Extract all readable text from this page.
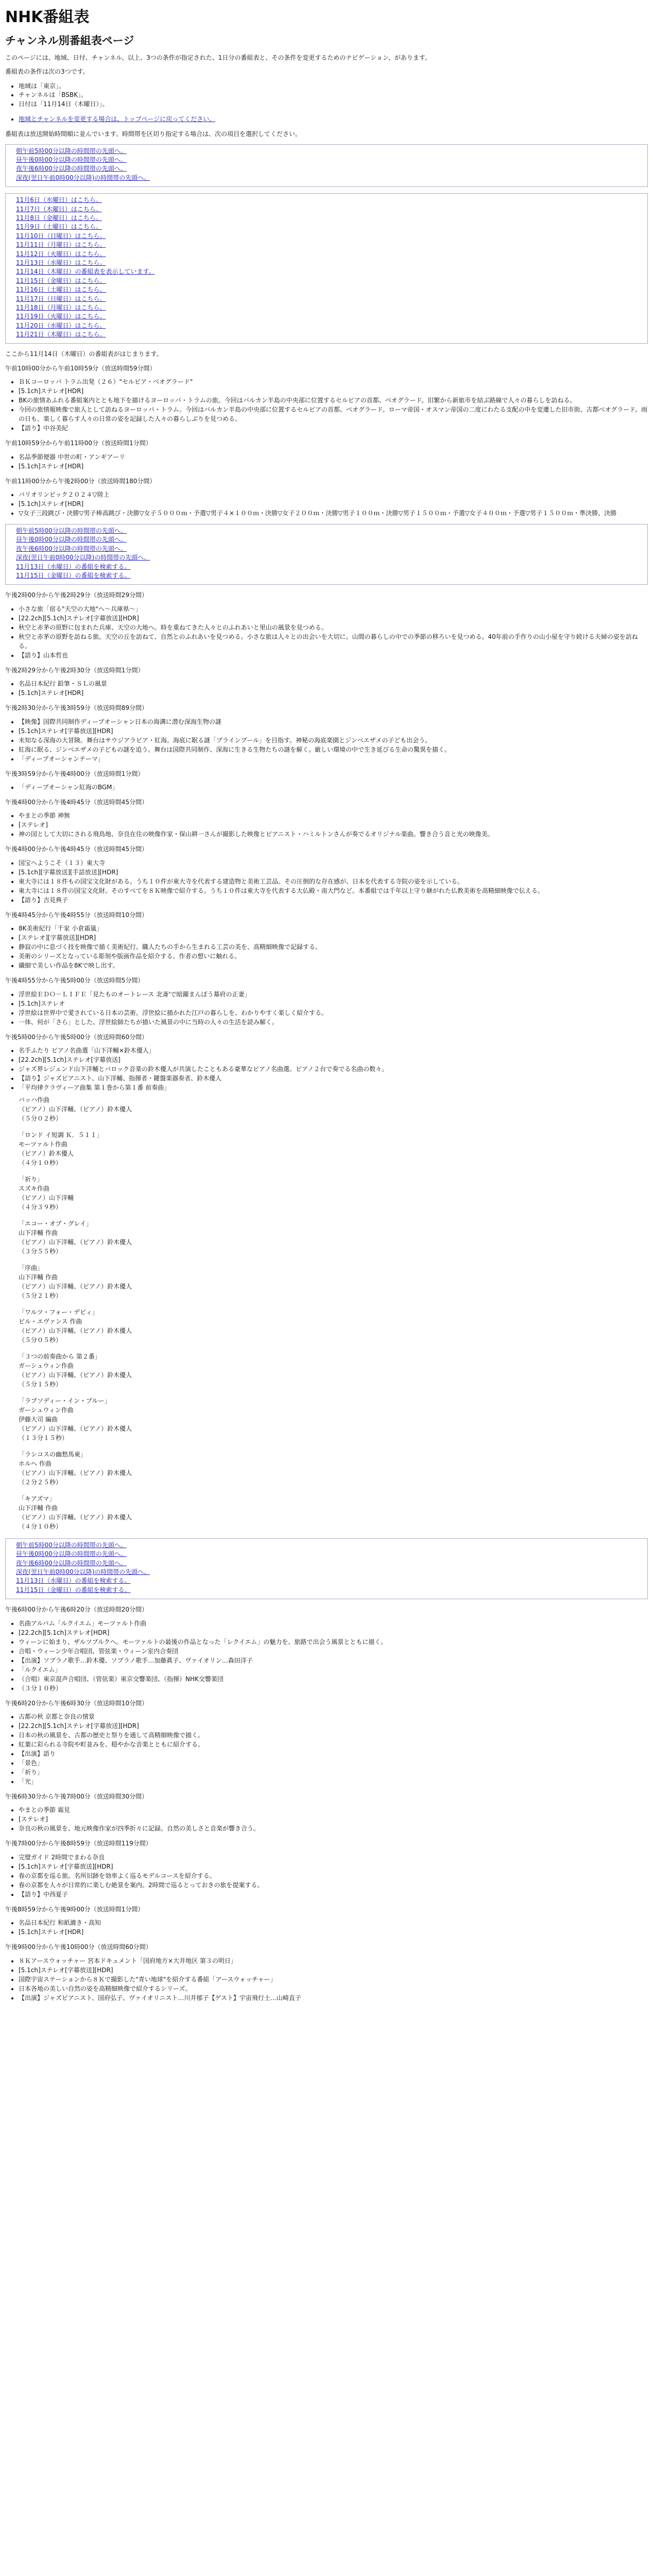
NHK番組表
チャンネル別番組表ページ

このページには、地域、日付、チャンネル、以上、3つの条件が指定された、1日分の番組表と、その条件を変更するためのナビゲーション、があります。

番組表の条件は次の3つです。

• 地域は「東京」。
• チャンネルは「BSBK」。
• 日付は「11月14日（木曜日）」。
• 地域とチャンネルを変更する場合は、トップページに戻ってください。

番組表は放送開始時間順に並んでいます。時間帯を区切り指定する場合は、次の項目を選択してください。

朝午前5時00分以降の時間帯の先頭へ。
昼午後0時00分以降の時間帯の先頭へ。
夜午後6時00分以降の時間帯の先頭へ。
深夜(翌日午前0時00分以降)の時間帯の先頭へ。
11月6日（水曜日）はこちら。
11月7日（木曜日）はこちら。
11月8日（金曜日）はこちら。
11月9日（土曜日）はこちら。
11月10日（日曜日）はこちら。
11月11日（月曜日）はこちら。
11月12日（火曜日）はこちら。
11月13日（水曜日）はこちら。
11月14日（木曜日）の番組表を表示しています。
11月15日（金曜日）はこちら。
11月16日（土曜日）はこちら。
11月17日（日曜日）はこちら。
11月18日（月曜日）はこちら。
11月19日（火曜日）はこちら。
11月20日（水曜日）はこちら。
11月21日（木曜日）はこちら。

ここから11月14日（木曜日）の番組表がはじまります。

午前10時00分から午前10時59分（放送時間59分間）

• ＢＫコーロッパ トラム出発（２６）"セルビア・ベオグラード"
• [5.1ch]ステレオ[HDR]
• BKの旅情あふれる番組案内ととも地下を描けるヨーロッパ・トラムの旅。今回はバルカン半島の中央部に位置するセルビアの首都、ベオグラード。旧繁から新旅市を結ぶ路線で人々の暮らしを訪ねる。
• 今回の旅情報映像で旅人として訪ねるヨーロッパ・トラム。今回はバルカン半島の中央部に位置するセルビアの首都、ベオグラード。ローマ帝国・オスマン帝国の二度にわたる支配の中を変遷した旧市街、古都ベオグラード。雨の日も、楽しく暮らす人々の日常の姿を記録した人々の暮らしぶりを見つめる。
• 【語り】中谷美紀

午前10時59分から午前11時00分（放送時間1分間）

• 名品季節便器 中世の町・アンギアーリ
• [5.1ch]ステレオ[HDR]

午前11時00分から午後2時00分（放送時間180分間）

• パリオリンピック２０２４▽陸上
• [5.1ch]ステレオ[HDR]
• ▽女子三段跳び・決勝▽男子棒高跳び・決勝▽女子５０００ｍ・予選▽男子４×１００ｍ・決勝▽女子２００ｍ・決勝▽男子１００ｍ・決勝▽男子１５００ｍ・予選▽女子４００ｍ・予選▽男子１５００ｍ・準決勝、決勝
朝午前5時00分以降の時間帯の先頭へ。
昼午後0時00分以降の時間帯の先頭へ。
夜午後6時00分以降の時間帯の先頭へ。
深夜(翌日午前0時00分以降)の時間帯の先頭へ。
11月13日（水曜日）の番組を検索する。
11月15日（金曜日）の番組を検索する。

午後2時00分から午後2時29分（放送時間29分間）

• 小さな旅「宿る"天空の大地"へ〜兵庫県〜」
• [22.2ch][5.1ch]ステレオ[字幕放送][HDR]
• 秋空と赤茅の原野に包まれた兵庫、天空の大地へ。時を重ねてきた人々とのふれあいと里山の風景を見つめる。
• 秋空と赤茅の原野を訪ねる旅。天空の丘を訪ねて、自然とのふれあいを見つめる。小さな旅は人々との出会いを大切に。山間の暮らしの中での季節の移ろいを見つめる。40年前の手作りの山小屋を守り続ける夫婦の姿を訪ねる。
• 【語り】山本哲也

午後2時29分から午後2時30分（放送時間1分間）

• 名品日本紀行 鉛筆・ＳＬの風景
• [5.1ch]ステレオ[HDR]

午後2時30分から午後3時59分（放送時間89分間）

• 【映像】国際共同制作ディープオーシャン日本の海溝に潜む深海生物の謎
• [5.1ch]ステレオ[字幕放送][HDR]
• 未知なる深海の大冒険。舞台はサウジアラビア・紅海。海底に眠る謎「ブラインプール」を目指す。神秘の海底楽園とジンベエザメの子ども出会う。
• 紅海に眠る、ジンベエザメの子どもの謎を追う。舞台は国際共同制作、深海に生きる生物たちの謎を解く。厳しい環境の中で生き延びる生命の驚異を描く。
• 「ディープオーシャンテーマ」

午後3時59分から午後4時00分（放送時間1分間）

• 「ディープオーシャン紅海のBGM」

午後4時00分から午後4時45分（放送時間45分間）

• やまとの季節 神無
• [ステレオ]
• 神の国として大切にされる飛鳥地、奈良在住の映像作家・保山耕一さんが撮影した映像とピアニスト・ハミルトンさんが奏でるオリジナル楽曲。響き合う音と光の映像美。

午後4時00分から午後4時45分（放送時間45分間）

• 国宝へようこそ（１３）東大寺
• [5.1ch][字幕放送][手話放送][HDR]
• 東大寺には１８件もの国宝文化財がある。うち１０件が東大寺を代表する建造物と美術工芸品。その圧倒的な存在感が、日本を代表する寺院の姿を示している。
• 東大寺には１８件の国宝文化財。そのすべてを８Ｋ映像で紹介する。うち１０件は東大寺を代表する大仏殿・南大門など。本番組では千年以上守り継がれた仏教美術を高精細映像で伝える。
• 【語り】吉見典子

午後4時45分から午後4時55分（放送時間10分間）

• 8K美術紀行「千家 小倉霜嵐」
• [ステレオ][字幕放送][HDR]
• 静寂の中に息づく技を映像で描く美術紀行。職人たちの手から生まれる工芸の美を、高精細映像で記録する。
• 美術のシリーズとなっている彫刻や版画作品を紹介する。作者の想いに触れる。
• 繊細で美しい作品を8Kで映し出す。

午後4時55分から午後5時00分（放送時間5分間）

• 浮世絵ＥＤＯ－ＬＩＦＥ「見たものオートレース 北斎'で暗躍まんぼう幕府の正妻」
• [5.1ch]ステレオ
• 浮世絵は世界中で愛されている日本の芸術。浮世絵に描かれた江戸の暮らしを、わかりやすく楽しく紹介する。
• 一体、何が「さら」とした、浮世絵師たちが描いた風景の中に当時の人々の生活を読み解く。

午後5時00分から午後5時00分（放送時間60分間）

• 名手ふたり ピアノ名曲選「山下洋輔×鈴木優人」
• [22.2ch][5.1ch]ステレオ[字幕放送]
• ジャズ界レジェンド山下洋輔とバロック音楽の鈴木優人が共演したこともある豪華なピアノ名曲選。ピアノ２台で奏でる名曲の数々。
• 【語り】ジャズピアニスト、山下洋輔、指揮者・鍵盤楽器奏者、鈴木優人
• 「平均律クラヴィーア曲集 第１巻から第１番 前奏曲」
バッハ作曲
（ピアノ）山下洋輔、（ピアノ）鈴木優人
（５分０２秒）
「ロンド イ短調 Ｋ．５１１」
モーツァルト作曲
（ピアノ）鈴木優人
（４分１０秒）
「祈り」
スズキ作曲
（ピアノ）山下洋輔
（４分３９秒）
「エコー・オブ・グレイ」
山下洋輔 作曲
（ピアノ）山下洋輔、（ピアノ）鈴木優人
（３分５５秒）
「序曲」
山下洋輔 作曲
（ピアノ）山下洋輔、（ピアノ）鈴木優人
（５分２１秒）
「ワルツ・フォー・デビィ」
ビル・エヴァンス 作曲
（ピアノ）山下洋輔、（ピアノ）鈴木優人
（５分０５秒）
「３つの前奏曲から 第２番」
ガーシュウィン作曲
（ピアノ）山下洋輔、（ピアノ）鈴木優人
（５分１５秒）
「ラプソディー・イン・ブルー」
ガーシュウィン作曲
伊藤大司 編曲
（ピアノ）山下洋輔、（ピアノ）鈴木優人
（１３分１５秒）
「ラシコスの幽愁馬東」
ホルヘ 作曲
（ピアノ）山下洋輔、（ピアノ）鈴木優人
（２分２５秒）
「キアズマ」
山下洋輔 作曲
（ピアノ）山下洋輔、（ピアノ）鈴木優人
（４分１０秒）
朝午前5時00分以降の時間帯の先頭へ。
昼午後0時00分以降の時間帯の先頭へ。
夜午後6時00分以降の時間帯の先頭へ。
深夜(翌日午前0時00分以降)の時間帯の先頭へ。
11月13日（水曜日）の番組を検索する。
11月15日（金曜日）の番組を検索する。

午後6時00分から午後6時20分（放送時間20分間）

• 名曲アルバム「ルクイエム」モーツァルト作曲
• [22.2ch][5.1ch]ステレオ[HDR]
• ウィーンに始まり、ザルツブルクへ。モーツァルトの最後の作品となった「レクイエム」の魅力を、旅路で出会う風景とともに描く。
• 合唱・ウィーン少年合唱団、管弦楽・ウィーン室内合奏団
• 【出演】ソプラノ歌手…鈴木優、ソプラノ歌手…加藤眞子、ヴァイオリン…森田洋子
• 「ルクイエム」
• （合唱）東京混声合唱団、（管弦楽）東京交響楽団、（指揮）NHK交響楽団
• （３分１０秒）

午後6時20分から午後6時30分（放送時間10分間）

• 古都の秋 京都と奈良の情景
• [22.2ch][5.1ch]ステレオ[字幕放送][HDR]
• 日本の秋の風景を、古都の歴史と祭りを通して高精細映像で描く。
• 紅葉に彩られる寺院や町並みを、穏やかな音楽とともに紹介する。
• 【出演】語り
• 「景色」
• 「祈り」
• 「光」

午後6時30分から午後7時00分（放送時間30分間）

• やまとの季節 霜見
• [ステレオ]
• 奈良の秋の風景を、地元映像作家が四季折々に記録。自然の美しさと音楽が響き合う。

午後7時00分から午後8時59分（放送時間119分間）

• 完璧ガイド 2時間でまわる奈良
• [5.1ch]ステレオ[字幕放送][HDR]
• 春の京都を巡る旅。名所旧跡を効率よく巡るモデルコースを紹介する。
• 春の京都を人々が日常的に楽しむ絶景を案内。2時間で巡るとっておきの旅を提案する。
• 【語り】中西夏子

午後8時59分から午後9時00分（放送時間1分間）

• 名品日本紀行 和紙漉き・高知
• [5.1ch]ステレオ[HDR]

午後9時00分から午後10時00分（放送時間60分間）

• ８Ｋアースウォッチャー 宮本ドキュメント「国府地方×大井地区 第３の明日」
• [5.1ch]ステレオ[字幕放送][HDR]
• 国際宇宙ステーションから８Ｋで撮影した"青い地球"を紹介する番組「アースウォッチャー」
• 日本各地の美しい自然の姿を高精細映像で紹介するシリーズ。
• 【出演】ジャズピアニスト、国府弘子、ヴァイオリニスト…川井郁子【ゲスト】宇宙飛行士…山崎直子
